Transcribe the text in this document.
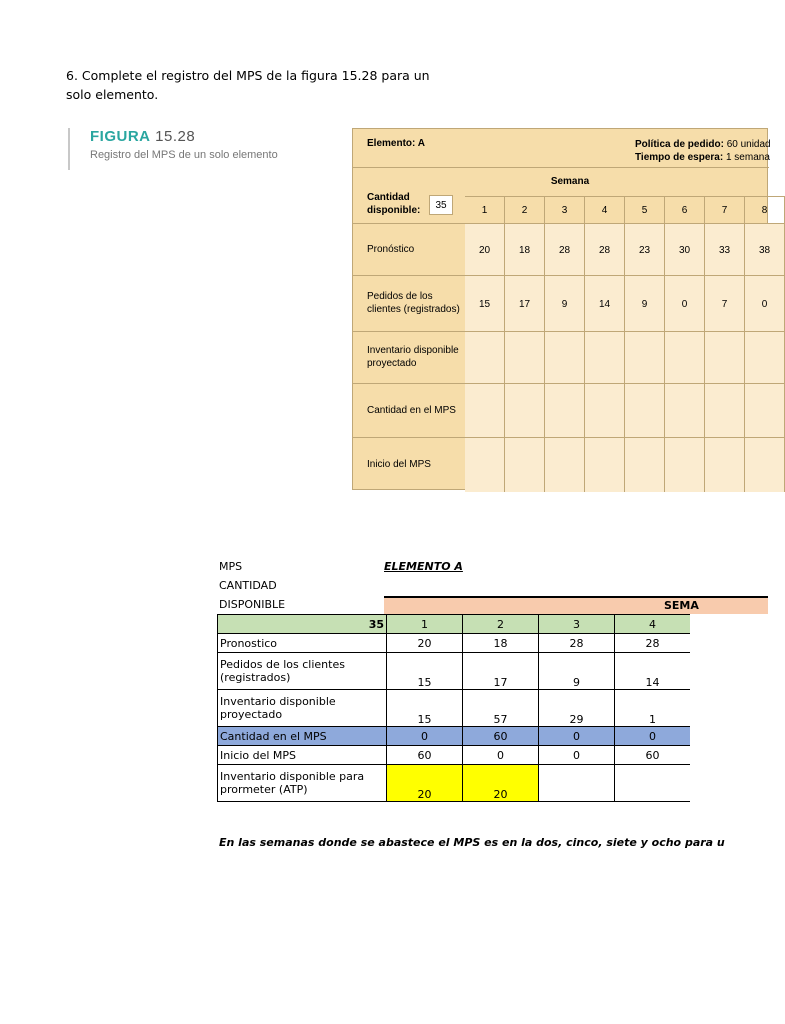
6. Complete el registro del MPS de la figura 15.28 para un solo elemento.
FIGURA 15.28
Registro del MPS de un solo elemento
Elemento: A	Política de pedido: 60 unidad
Tiempo de espera: 1 semana
Semana
Cantidad
disponible:	35	1	2	3	4	5	6	7	8
Pronóstico	20	18	28	28	23	30	33	38
Pedidos de los clientes (registrados)	15	17	9	14	9	0	7	0
Inventario disponible proyectado
Cantidad en el MPS
Inicio del MPS
MPS
CANTIDAD
DISPONIBLE
ELEMENTO A
SEMA
35	1	2	3	4
Pronostico	20	18	28	28
Pedidos de los clientes (registrados)	15	17	9	14
Inventario disponible proyectado	15	57	29	1
Cantidad en el MPS	0	60	0	0
Inicio del MPS	60	0	0	60
Inventario disponible para prormeter (ATP)	20	20		
En las semanas donde se abastece el MPS es en la dos, cinco, siete y ocho para u
